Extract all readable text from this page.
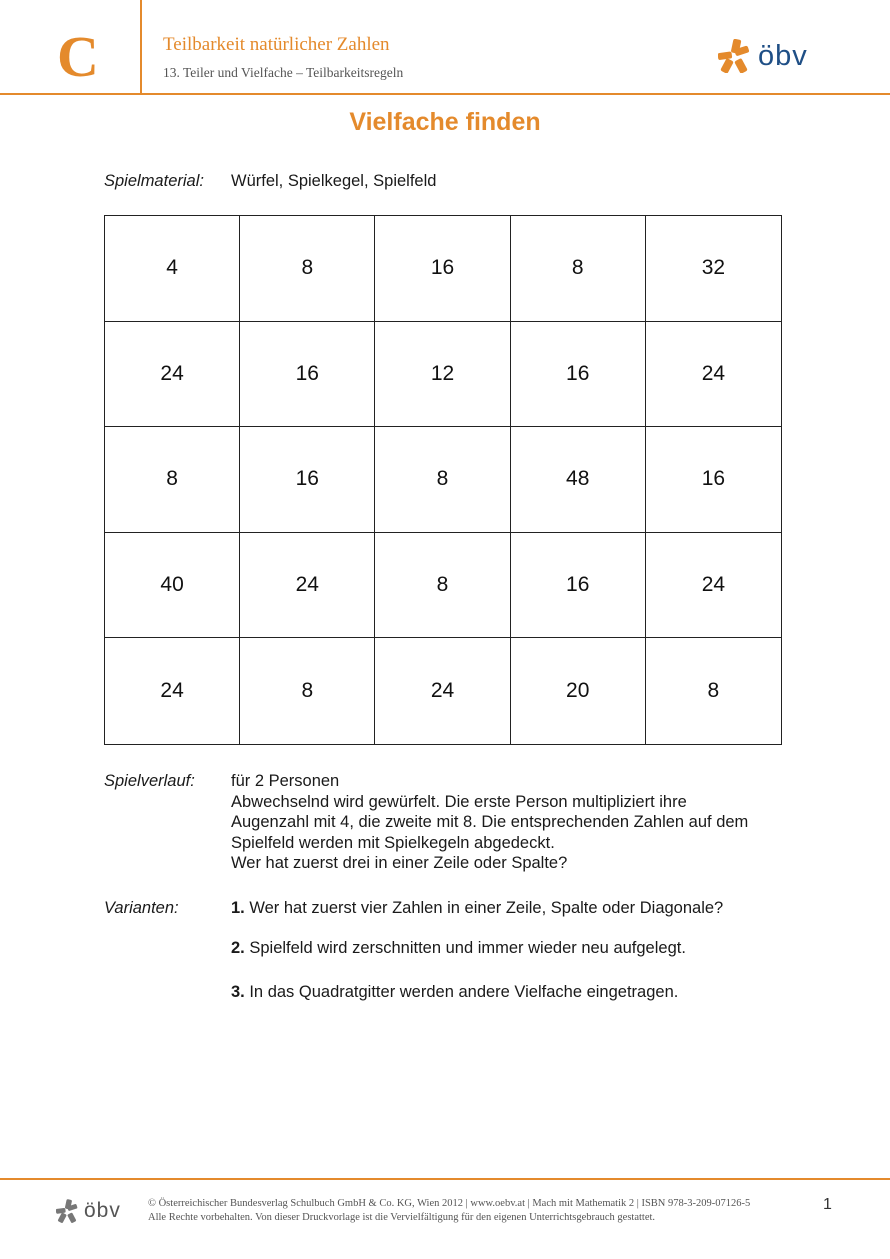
C	Teilbarkeit natürlicher Zahlen
13. Teiler und Vielfache – Teilbarkeitsregeln
öbv
Vielfache finden
Spielmaterial: Würfel, Spielkegel, Spielfeld
4	8	16	8	32
24	16	12	16	24
8	16	8	48	16
40	24	8	16	24
24	8	24	20	8
Spielverlauf: für 2 Personen
Abwechselnd wird gewürfelt. Die erste Person multipliziert ihre
Augenzahl mit 4, die zweite mit 8. Die entsprechenden Zahlen auf dem
Spielfeld werden mit Spielkegeln abgedeckt.
Wer hat zuerst drei in einer Zeile oder Spalte?
Varianten:	1. Wer hat zuerst vier Zahlen in einer Zeile, Spalte oder Diagonale?
2. Spielfeld wird zerschnitten und immer wieder neu aufgelegt.
3. In das Quadratgitter werden andere Vielfache eingetragen.
öbv	© Österreichischer Bundesverlag Schulbuch GmbH & Co. KG, Wien 2012 | www.oebv.at | Mach mit Mathematik 2 | ISBN 978-3-209-07126-5
Alle Rechte vorbehalten. Von dieser Druckvorlage ist die Vervielfältigung für den eigenen Unterrichtsgebrauch gestattet.
1
